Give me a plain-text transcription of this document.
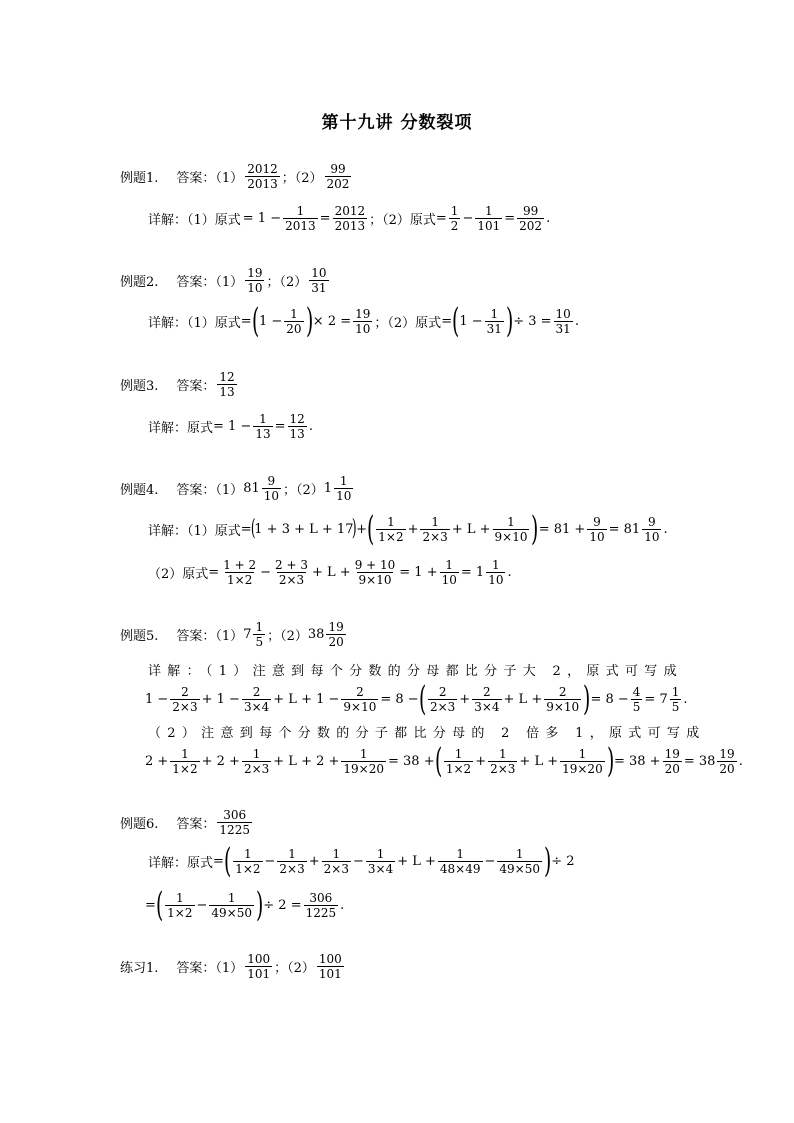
第十九讲 分数裂项
例题1. 答案：$(1) \frac{2012}{2013}$ ；$(2) \frac{99}{202}$
详解：（1）原式 = $1 - \frac{1}{2013} = \frac{2012}{2013}$ ；（2）原式 = $\frac{1}{2} - \frac{1}{101} = \frac{99}{202}$ .
例题2. 答案：$(1) \frac{19}{10}$ ；$(2) \frac{10}{31}$
详解：（1）原式 = ( $1 - \frac{1}{20}$ ) × $2 = \frac{19}{10}$ ；（2）原式 = ( $1 - \frac{1}{31}$ ) ÷ $3 = \frac{10}{31}$ .
例题3. 答案： $\frac{12}{13}$
详解：原式 = $1 - \frac{1}{13} = \frac{12}{13}$ .
例题4. 答案：（1） $81 \frac{9}{10}$ ；（2） $1 \frac{1}{10}$
详解：（1）原式 =
(
1 + 3 + L + 17
)
+ ( $\frac{1}{1\times 2} + \frac{1}{2\times 3} + L + \frac{1}{9\times 10}$ ) = $81 + \frac{9}{10} = 81 \frac{9}{10}$ .
（2）原式 = $\frac{1 + 2}{1\times 2} - \frac{2 + 3}{2\times 3} + L + \frac{9 + 10}{9\times 10} = 1 + \frac{1}{10} = 1 \frac{1}{10}$ .
例题5. 答案：（1） $7 \frac{1}{5}$ ；（2） $38 \frac{19}{20}$
详解：（1）注意到每个分数的分母都比分子大 2，原式可写成
$1 - \frac{2}{2\times 3} + 1 - \frac{2}{3\times 4} + L + 1 - \frac{2}{9\times 10} = 8$ − ( $\frac{2}{2\times 3} + \frac{2}{3\times 4} + L + \frac{2}{9\times 10}$ ) = $8 - \frac{4}{5} = 7 \frac{1}{5}$ .
（2）注意到每个分数的分子都比分母的 2 倍多 1，原式可写成
$2 + \frac{1}{1\times 2} + 2 + \frac{1}{2\times 3} + L + 2 + \frac{1}{19\times 20} = 38$ + ( $\frac{1}{1\times 2} + \frac{1}{2\times 3} + L + \frac{1}{19\times 20}$ ) = $38 + \frac{19}{20} = 38 \frac{19}{20}$ .
例题6. 答案： $\frac{306}{1225}$
详解：原式 = ( $\frac{1}{1\times 2} - \frac{1}{2\times 3} + \frac{1}{2\times 3} - \frac{1}{3\times 4} + L + \frac{1}{48\times 49} - \frac{1}{49\times 50}$ ) ÷ 2
= ( $\frac{1}{1\times 2} - \frac{1}{49\times 50}$ ) ÷ $2 = \frac{306}{1225}$ .
练习1. 答案：$(1) \frac{100}{101}$ ；$(2) \frac{100}{101}$
